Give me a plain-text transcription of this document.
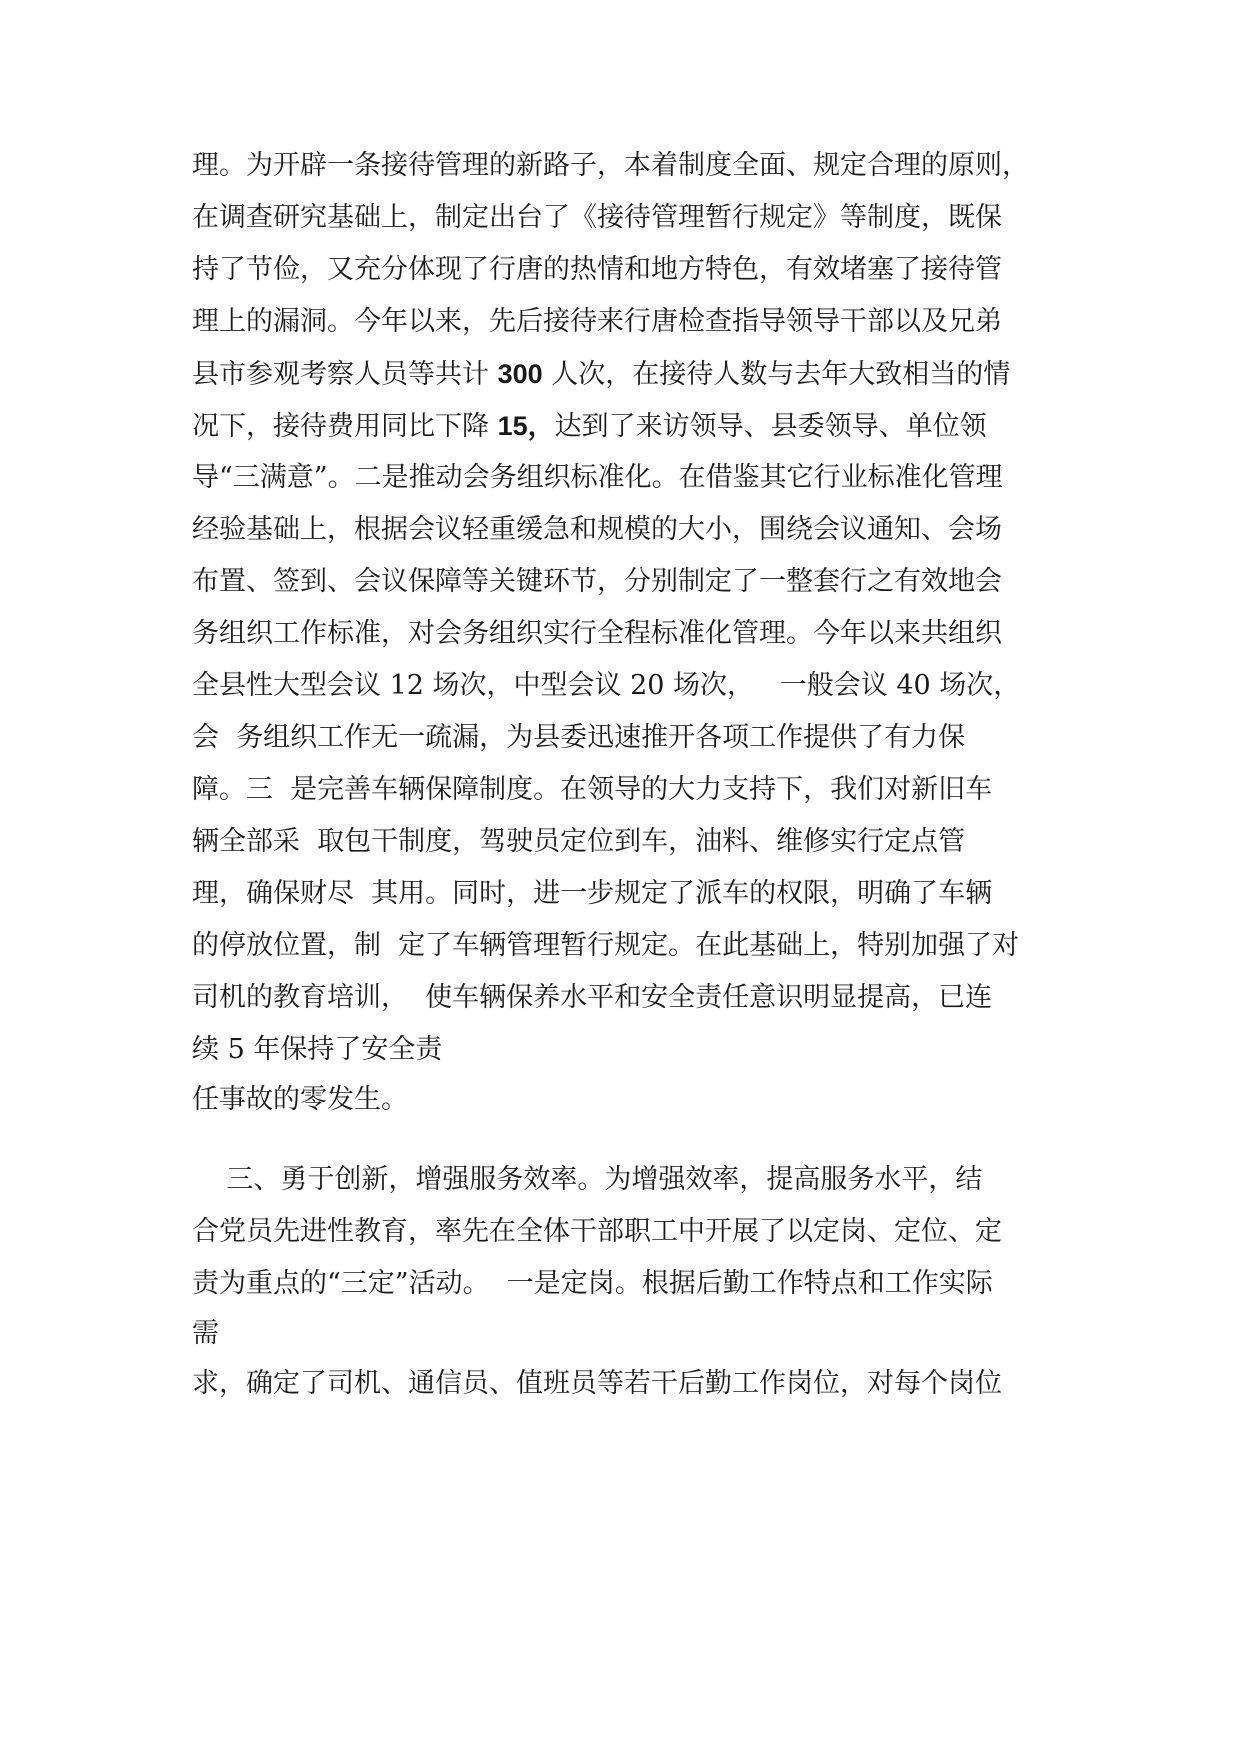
理。为开辟一条接待管理的新路子，本着制度全面、规定合理的原则，
在调查研究基础上，制定出台了《接待管理暂行规定》等制度，既保
持了节俭，又充分体现了行唐的热情和地方特色，有效堵塞了接待管
理上的漏洞。今年以来，先后接待来行唐检查指导领导干部以及兄弟
县市参观考察人员等共计 300 人次，在接待人数与去年大致相当的情
况下，接待费用同比下降 15，达到了来访领导、县委领导、单位领
导“三满意”。二是推动会务组织标准化。在借鉴其它行业标准化管理
经验基础上，根据会议轻重缓急和规模的大小，围绕会议通知、会场
布置、签到、会议保障等关键环节，分别制定了一整套行之有效地会
务组织工作标准，对会务组织实行全程标准化管理。今年以来共组织
全县性大型会议 12 场次，中型会议 20 场次，   一般会议 40 场次，
会  务组织工作无一疏漏，为县委迅速推开各项工作提供了有力保
障。三  是完善车辆保障制度。在领导的大力支持下，我们对新旧车
辆全部采  取包干制度，驾驶员定位到车，油料、维修实行定点管
理，确保财尽  其用。同时，进一步规定了派车的权限，明确了车辆
的停放位置，制  定了车辆管理暂行规定。在此基础上，特别加强了对
司机的教育培训，  使车辆保养水平和安全责任意识明显提高，已连
续 5 年保持了安全责
任事故的零发生。
三、勇于创新，增强服务效率。为增强效率，提高服务水平，结
合党员先进性教育，率先在全体干部职工中开展了以定岗、定位、定
责为重点的“三定”活动。  一是定岗。根据后勤工作特点和工作实际
需
求，确定了司机、通信员、值班员等若干后勤工作岗位，对每个岗位
